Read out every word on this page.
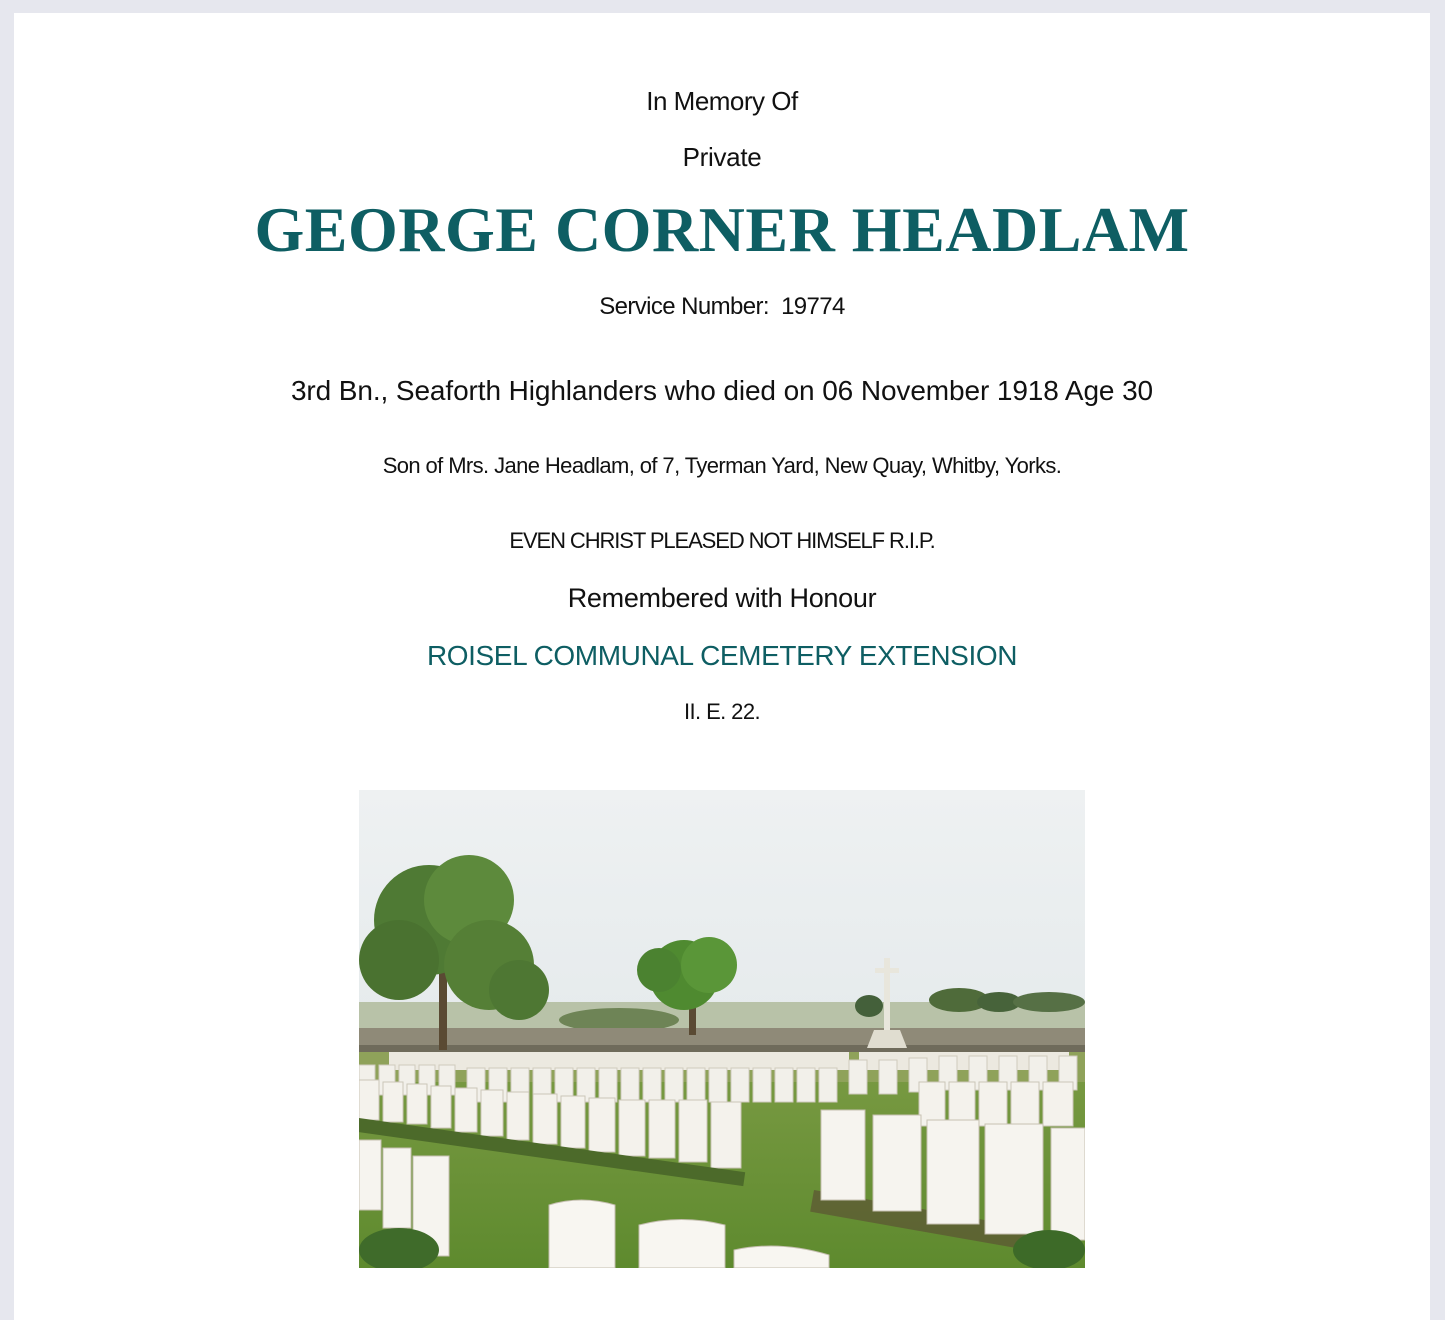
In Memory Of
Private
GEORGE CORNER HEADLAM
Service Number: 19774
3rd Bn., Seaforth Highlanders who died on 06 November 1918 Age 30
Son of Mrs. Jane Headlam, of 7, Tyerman Yard, New Quay, Whitby, Yorks.
EVEN CHRIST PLEASED NOT HIMSELF R.I.P.
Remembered with Honour
ROISEL COMMUNAL CEMETERY EXTENSION
II. E. 22.
